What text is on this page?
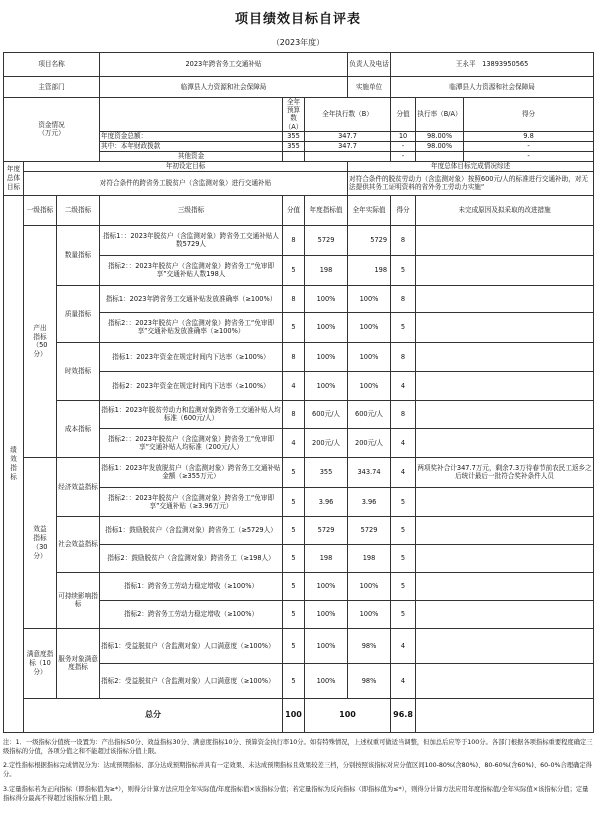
项目绩效目标自评表
（2023年度）
项目名称			2023年跨省务工交通补贴			负责人及电话	王永平　13893950565		
主管部门			临潭县人力资源和社会保障局			实施单位	临潭县人力资源和社会保障局		
资金情况
（万元）				全年预算数（A）	全年执行数（B）		分值	执行率（B/A）	得分
			年度资金总额：	355	347.7		10	98.00%	9.8
			其中：本年财政拨款	355	347.7		-	98.00%	-
			其他资金				-		-
年度总体目标	年初设定目标					年度总体目标完成情况综述			
	对符合条件的跨省务工脱贫户（含监测对象）进行交通补贴					对符合条件的脱贫劳动力（含监测对象）按照600元/人的标准进行交通补助，对无法提供其务工证明资料的省外务工劳动力实施“			
绩效指标	一级指标	二级指标	三级指标	分值	年度指标值	全年实际值	得分	未完成原因及拟采取的改进措施	
	产出指标（50分）	数量指标	指标1：：2023年脱贫户（含监测对象）跨省务工交通补贴人数5729人	8	5729	5729	8		
			指标2：：2023年脱贫户（含监测对象）跨省务工“免审即享”交通补贴人数198人	5	198	198	5		
		质量指标	指标1：2023年跨省务工交通补贴发放准确率（≥100%）	8	100%	100%	8		
			指标2：：2023年脱贫户（含监测对象）跨省务工“免审即享”交通补贴发放准确率（≥100%）	5	100%	100%	5		
		时效指标	指标1：2023年资金在规定时间内下达率（≥100%）	8	100%	100%	8		
			指标2：2023年资金在规定时间内下达率（≥100%）	4	100%	100%	4		
		成本指标	指标1：2023年脱贫劳动力和监测对象跨省务工交通补贴人均标准（600元/人）	8	600元/人	600元/人	8		
			指标2：：2023年脱贫户（含监测对象）跨省务工“免审即享”交通补贴人均标准（200元/人）	4	200元/人	200元/人	4		
	效益指标（30分）	经济效益指标	指标1：2023年发放脱贫户（含监测对象）跨省务工交通补贴金额（≥355万元）	5	355	343.74	4	两项奖补合计347.7万元，剩余7.3万待春节前农民工返乡之后统计最后一批符合奖补条件人员	
			指标2：：2023年脱贫户（含监测对象）跨省务工“免审即享”交通补贴（≥3.96万元）	5	3.96	3.96	5		
		社会效益指标	指标1：鼓励脱贫户（含监测对象）跨省务工（≥5729人）	5	5729	5729	5		
			指标2：鼓励脱贫户（含监测对象）跨省务工（≥198人）	5	198	198	5		
		可持续影响指标	指标1：跨省务工劳动力稳定增收（≥100%）	5	100%	100%	5		
			指标2：跨省务工劳动力稳定增收（≥100%）	5	100%	100%	5		
	满意度指标（10分）	服务对象满意度指标	指标1：受益脱贫户（含监测对象）人口满意度（≥100%）	5	100%	98%	4		
			指标2：受益脱贫户（含监测对象）人口满意度（≥100%）	5	100%	98%	4		
	总分			100	100		96.8		

注：1．一级指标分值统一设置为：产出指标50分、效益指标30分、满意度指标10分、预算资金执行率10分。如有特殊情况，上述权重可做适当调整，但加总后应等于100分。各部门根据各项指标重要程度确定三级指标的分值，各项分值之和不能超过该指标分值上限。

2.定性指标根据指标完成情况分为：达成预期指标、部分达成预期指标并具有一定效果、未达成预期指标且效果较差三档，分别按照该指标对应分值区间100-80%(含80%)、80-60%(含60%)、60-0%合理确定得分。

3.定量指标若为正向指标（即指标值为≥*），则得分计算方法应用全年实际值/年度指标值×该指标分值；若定量指标为反向指标（即指标值为≤*），则得分计算方法应用年度指标值/全年实际值×该指标分值；定量指标得分最高不得超过该指标分值上限。
